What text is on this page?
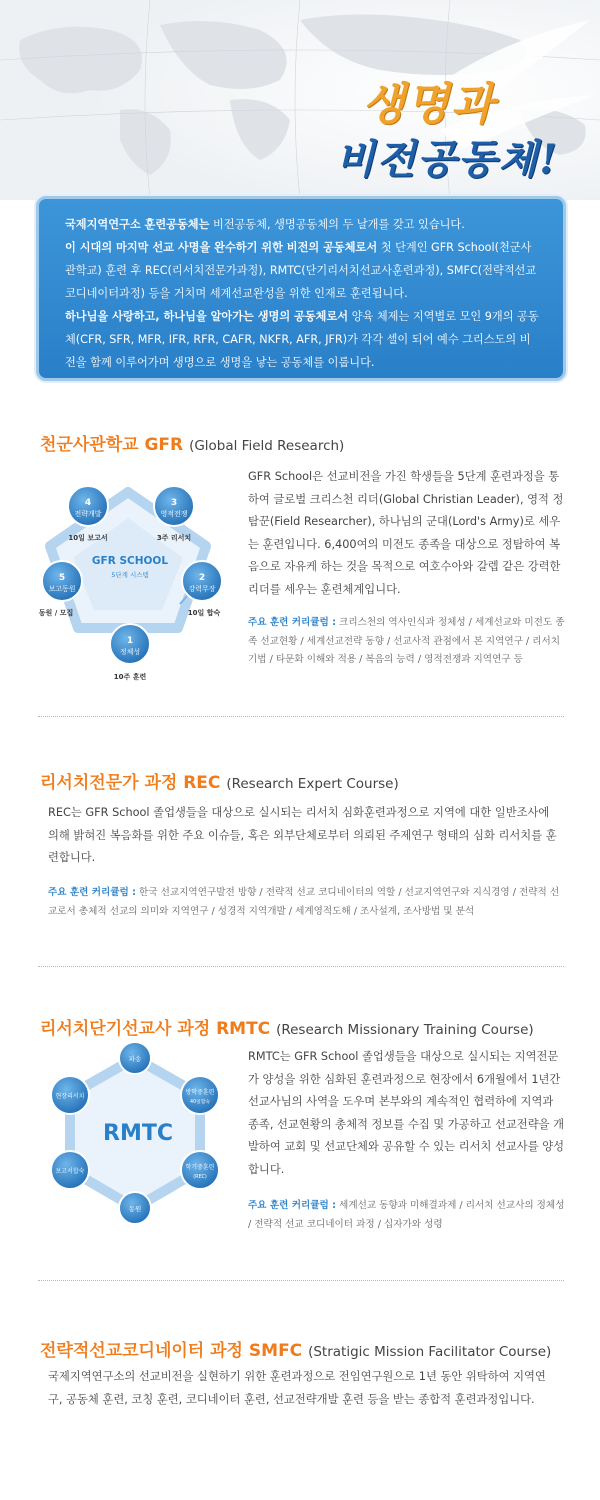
생명과
비전공동체!

국제지역연구소 훈련공동체는 비전공동체, 생명공동체의 두 날개를 갖고 있습니다.

이 시대의 마지막 선교 사명을 완수하기 위한 비전의 공동체로서 첫 단계인 GFR School(천군사관학교) 훈련 후 REC(리서치전문가과정), RMTC(단기리서치선교사훈련과정), SMFC(전략적선교코디네이터과정) 등을 거치며 세계선교완성을 위한 인재로 훈련됩니다.

하나님을 사랑하고, 하나님을 알아가는 생명의 공동체로서 양육 체제는 지역별로 모인 9개의 공동체(CFR, SFR, MFR, IFR, RFR, CAFR, NKFR, AFR, JFR)가 각각 셀이 되어 예수 그리스도의 비전을 함께 이루어가며 생명으로 생명을 낳는 공동체를 이룹니다.

천군사관학교 GFR (Global Field Research)
GFR SCHOOL
5단계 시스템
4
전략개발
10일 보고서
3
영적전쟁
3주 리서치
5
보고동원
동원 / 모집
2
강력무장
10일 합숙
1
정체성
10주 훈련
GFR School은 선교비전을 가진 학생들을 5단계 훈련과정을 통하여 글로벌 크리스천 리더(Global Christian Leader), 영적 정탐꾼(Field Researcher), 하나님의 군대(Lord's Army)로 세우는 훈련입니다. 6,400여의 미전도 종족을 대상으로 정탐하여 복음으로 자유케 하는 것을 목적으로 여호수아와 갈렙 같은 강력한 리더를 세우는 훈련체계입니다.
주요 훈련 커리큘럼 : 크리스천의 역사인식과 정체성 / 세계선교와 미전도 종족 선교현황 / 세계선교전략 동향 / 선교사적 관점에서 본 지역연구 / 리서치기법 / 타문화 이해와 적용 / 복음의 능력 / 영적전쟁과 지역연구 등
리서치전문가 과정 REC (Research Expert Course)
REC는 GFR School 졸업생들을 대상으로 실시되는 리서치 심화훈련과정으로 지역에 대한 일반조사에 의해 밝혀진 복음화를 위한 주요 이슈들, 혹은 외부단체로부터 의뢰된 주제연구 형태의 심화 리서치를 훈련합니다.
주요 훈련 커리큘럼 : 한국 선교지역연구발전 방향 / 전략적 선교 코디네이터의 역할 / 선교지역연구와 지식경영 / 전략적 선교로서 총체적 선교의 의미와 지역연구 / 성경적 지역개발 / 세계영적도해 / 조사설계, 조사방법 및 분석
리서치단기선교사 과정 RMTC (Research Missionary Training Course)
RMTC
파송
방학중훈련
40일합숙
학기중훈련
(REC)
동원
보고서합숙
현장리서치
RMTC는 GFR School 졸업생들을 대상으로 실시되는 지역전문가 양성을 위한 심화된 훈련과정으로 현장에서 6개월에서 1년간 선교사님의 사역을 도우며 본부와의 계속적인 협력하에 지역과 종족, 선교현황의 총체적 정보를 수집 및 가공하고 선교전략을 개발하여 교회 및 선교단체와 공유할 수 있는 리서치 선교사를 양성합니다.
주요 훈련 커리큘럼 : 세계선교 동향과 미해결과제 / 리서치 선교사의 정체성 / 전략적 선교 코디네이터 과정 / 십자가와 성령
전략적선교코디네이터 과정 SMFC (Stratigic Mission Facilitator Course)
국제지역연구소의 선교비전을 실현하기 위한 훈련과정으로 전임연구원으로 1년 동안 위탁하여 지역연구, 공동체 훈련, 코칭 훈련, 코디네이터 훈련, 선교전략개발 훈련 등을 받는 종합적 훈련과정입니다.
